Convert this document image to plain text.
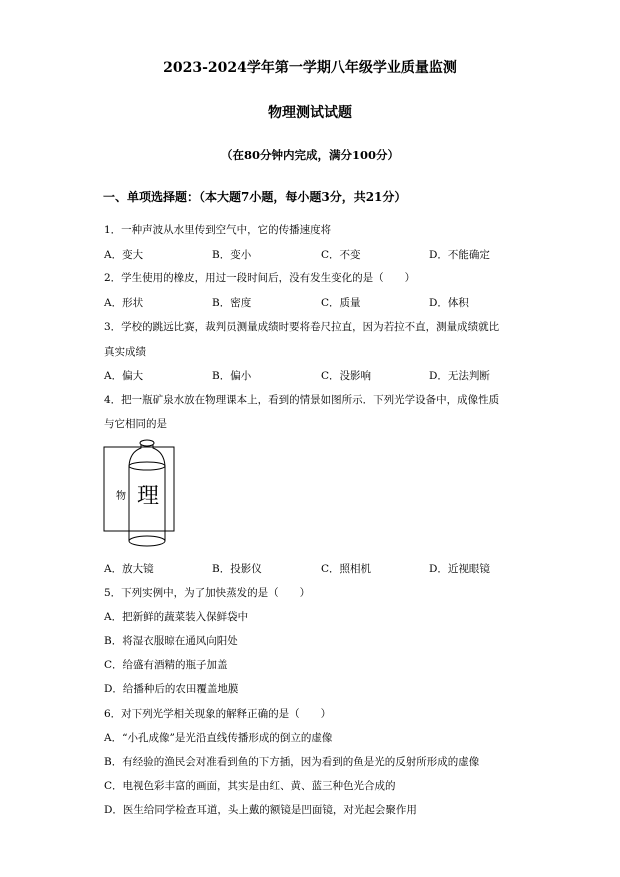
2023-2024学年第一学期八年级学业质量监测
物理测试试题
（在80分钟内完成，满分100分）
一、单项选择题：（本大题7小题，每小题3分，共21分）
1．一种声波从水里传到空气中，它的传播速度将
A．变大	B．变小	C．不变	D．不能确定
2．学生使用的橡皮，用过一段时间后，没有发生变化的是（　　）
A．形状	B．密度	C．质量	D．体积
3．学校的跳远比赛，裁判员测量成绩时要将卷尺拉直，因为若拉不直，测量成绩就比
真实成绩
A．偏大	B．偏小	C．没影响	D．无法判断
4．把一瓶矿泉水放在物理课本上，看到的情景如图所示．下列光学设备中，成像性质
与它相同的是
物 理
A．放大镜	B．投影仪	C．照相机	D．近视眼镜
5．下列实例中，为了加快蒸发的是（　　）
A．把新鲜的蔬菜装入保鲜袋中
B．将湿衣服晾在通风向阳处
C．给盛有酒精的瓶子加盖
D．给播种后的农田覆盖地膜
6．对下列光学相关现象的解释正确的是（　　）
A．“小孔成像”是光沿直线传播形成的倒立的虚像
B．有经验的渔民会对准看到鱼的下方插，因为看到的鱼是光的反射所形成的虚像
C．电视色彩丰富的画面，其实是由红、黄、蓝三种色光合成的
D．医生给同学检查耳道，头上戴的额镜是凹面镜，对光起会聚作用
